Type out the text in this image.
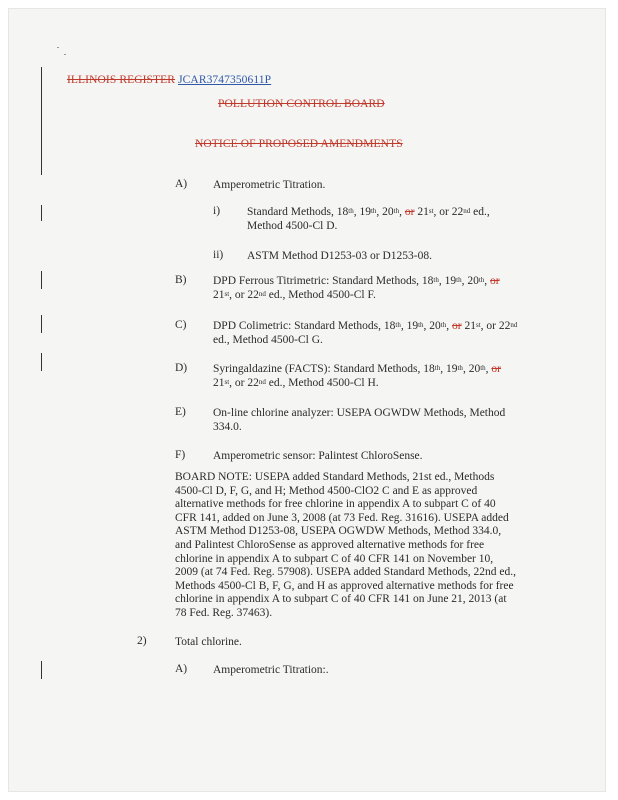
ILLINOIS REGISTER JCAR3747350611P
POLLUTION CONTROL BOARD
NOTICE OF PROPOSED AMENDMENTS
A) Amperometric Titration.
i) Standard Methods, 18th, 19th, 20th, or 21st, or 22nd ed.,
Method 4500-Cl D.
ii) ASTM Method D1253-03 or D1253-08.
B) DPD Ferrous Titrimetric: Standard Methods, 18th, 19th, 20th, or
21st, or 22nd ed., Method 4500-Cl F.
C) DPD Colimetric: Standard Methods, 18th, 19th, 20th, or 21st, or 22nd
ed., Method 4500-Cl G.
D) Syringaldazine (FACTS): Standard Methods, 18th, 19th, 20th, or
21st, or 22nd ed., Method 4500-Cl H.
E) On-line chlorine analyzer: USEPA OGWDW Methods, Method
334.0.
F) Amperometric sensor: Palintest ChloroSense.
BOARD NOTE: USEPA added Standard Methods, 21st ed., Methods
4500-Cl D, F, G, and H; Method 4500-ClO2 C and E as approved
alternative methods for free chlorine in appendix A to subpart C of 40
CFR 141, added on June 3, 2008 (at 73 Fed. Reg. 31616). USEPA added
ASTM Method D1253-08, USEPA OGWDW Methods, Method 334.0,
and Palintest ChloroSense as approved alternative methods for free
chlorine in appendix A to subpart C of 40 CFR 141 on November 10,
2009 (at 74 Fed. Reg. 57908). USEPA added Standard Methods, 22nd ed.,
Methods 4500-Cl B, F, G, and H as approved alternative methods for free
chlorine in appendix A to subpart C of 40 CFR 141 on June 21, 2013 (at
78 Fed. Reg. 37463).
2) Total chlorine.
A) Amperometric Titration:.
